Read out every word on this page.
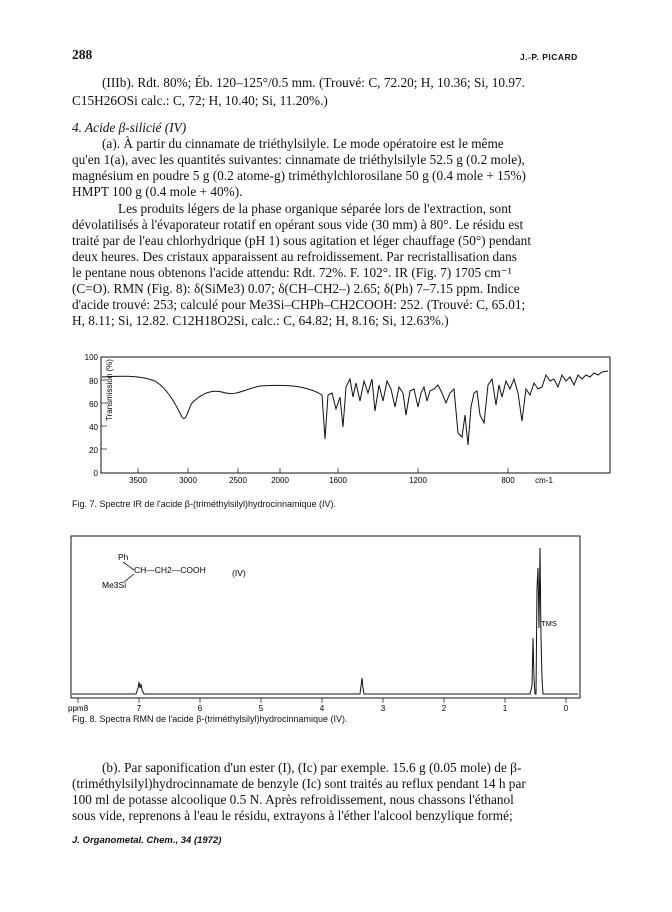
288	J.-P. PICARD
(IIIb). Rdt. 80%; Éb. 120–125°/0.5 mm. (Trouvé: C, 72.20; H, 10.36; Si, 10.97.
C15H26OSi calc.: C, 72; H, 10.40; Si, 11.20%.)
4. Acide β-silicié (IV)
(a). À partir du cinnamate de triéthylsilyle. Le mode opératoire est le même
qu'en 1(a), avec les quantités suivantes: cinnamate de triéthylsilyle 52.5 g (0.2 mole),
magnésium en poudre 5 g (0.2 atome-g) triméthylchlorosilane 50 g (0.4 mole + 15%)
HMPT 100 g (0.4 mole + 40%).
Les produits légers de la phase organique séparée lors de l'extraction, sont
dévolatilisés à l'évaporateur rotatif en opérant sous vide (30 mm) à 80°. Le résidu est
traité par de l'eau chlorhydrique (pH 1) sous agitation et léger chauffage (50°) pendant
deux heures. Des cristaux apparaissent au refroidissement. Par recristallisation dans
le pentane nous obtenons l'acide attendu: Rdt. 72%. F. 102°. IR (Fig. 7) 1705 cm⁻¹
(C=O). RMN (Fig. 8): δ(SiMe3) 0.07; δ(CH–CH2–) 2.65; δ(Ph) 7–7.15 ppm. Indice
d'acide trouvé: 253; calculé pour Me3Si–CHPh–CH2COOH: 252. (Trouvé: C, 65.01;
H, 8.11; Si, 12.82. C12H18O2Si, calc.: C, 64.82; H, 8.16; Si, 12.63%.)
Transmission (%)
100
80
60
40
20
0
3500	3000	2500	2000	1600	1200	800	cm-1
Fig. 7. Spectre IR de l'acide β-(triméthylsilyl)hydrocinnamique (IV).
Ph
CH—CH2—COOH
Me3Si
(IV)
TMS
ppm 8	7	6	5	4	3	2	1	0
Fig. 8. Spectra RMN de l'acide β-(triméthylsilyl)hydrocinnamique (IV).
(b). Par saponification d'un ester (I), (Ic) par exemple. 15.6 g (0.05 mole) de β-
(triméthylsilyl)hydrocinnamate de benzyle (Ic) sont traités au reflux pendant 14 h par
100 ml de potasse alcoolique 0.5 N. Après refroidissement, nous chassons l'éthanol
sous vide, reprenons à l'eau le résidu, extrayons à l'éther l'alcool benzylique formé;
J. Organometal. Chem., 34 (1972)
